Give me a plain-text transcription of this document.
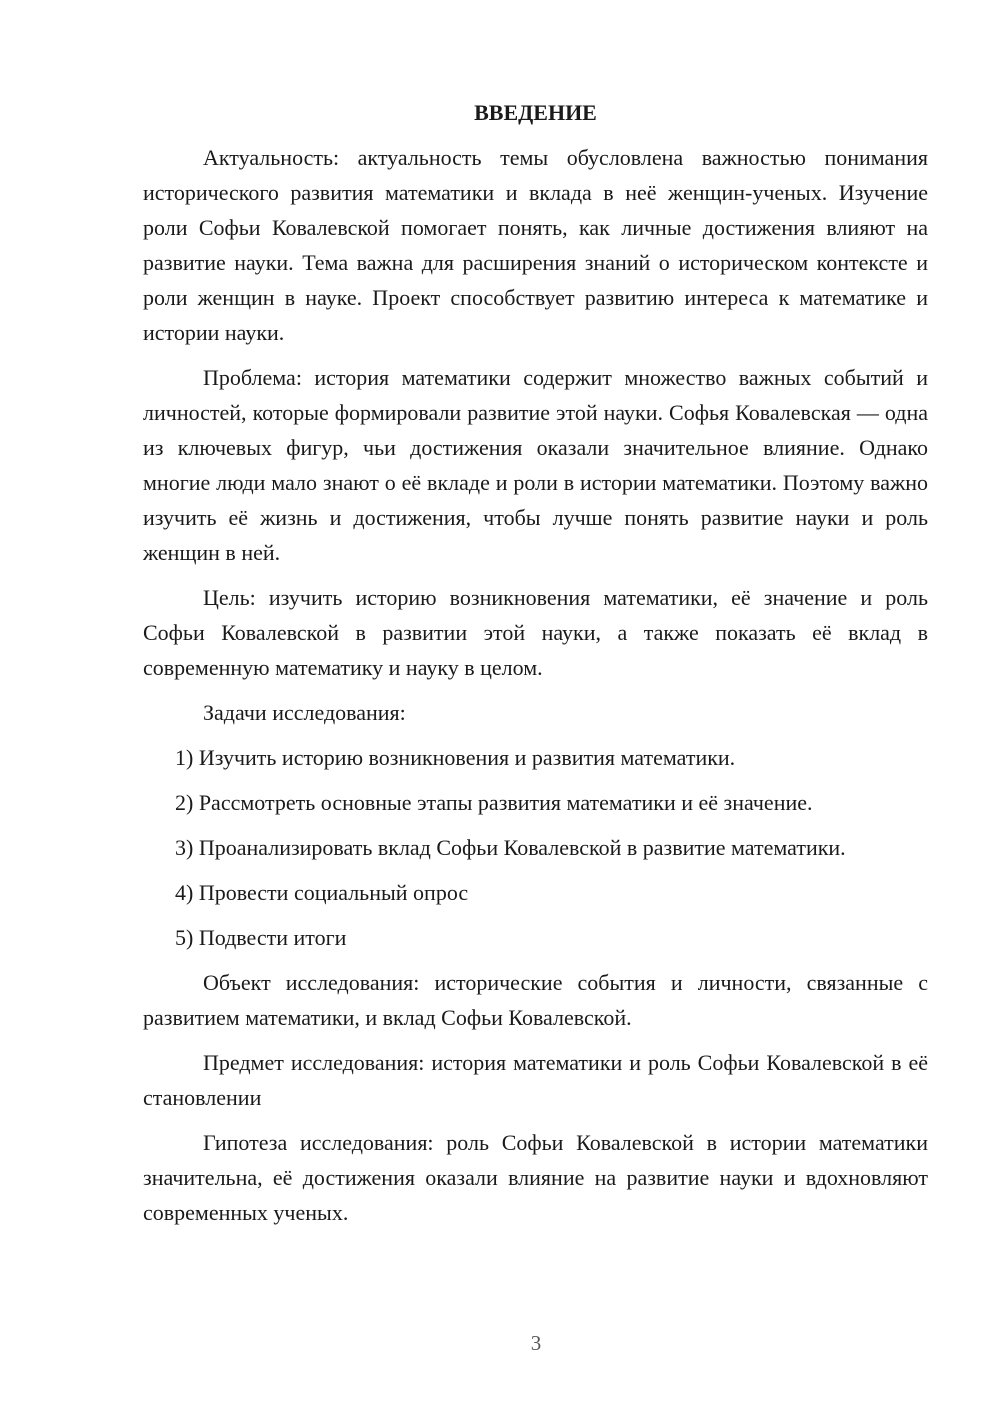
ВВЕДЕНИЕ

Актуальность: актуальность темы обусловлена важностью понимания исторического развития математики и вклада в неё женщин-ученых. Изучение роли Софьи Ковалевской помогает понять, как личные достижения влияют на развитие науки. Тема важна для расширения знаний о историческом контексте и роли женщин в науке. Проект способствует развитию интереса к математике и истории науки.

Проблема: история математики содержит множество важных событий и личностей, которые формировали развитие этой науки. Софья Ковалевская — одна из ключевых фигур, чьи достижения оказали значительное влияние. Однако многие люди мало знают о её вкладе и роли в истории математики. Поэтому важно изучить её жизнь и достижения, чтобы лучше понять развитие науки и роль женщин в ней.

Цель: изучить историю возникновения математики, её значение и роль Софьи Ковалевской в развитии этой науки, а также показать её вклад в современную математику и науку в целом.

Задачи исследования:

1) Изучить историю возникновения и развития математики.

2) Рассмотреть основные этапы развития математики и её значение.

3) Проанализировать вклад Софьи Ковалевской в развитие математики.

4) Провести социальный опрос

5) Подвести итоги

Объект исследования: исторические события и личности, связанные с развитием математики, и вклад Софьи Ковалевской.

Предмет исследования: история математики и роль Софьи Ковалевской в её становлении

Гипотеза исследования: роль Софьи Ковалевской в истории математики значительна, её достижения оказали влияние на развитие науки и вдохновляют современных ученых.

3
